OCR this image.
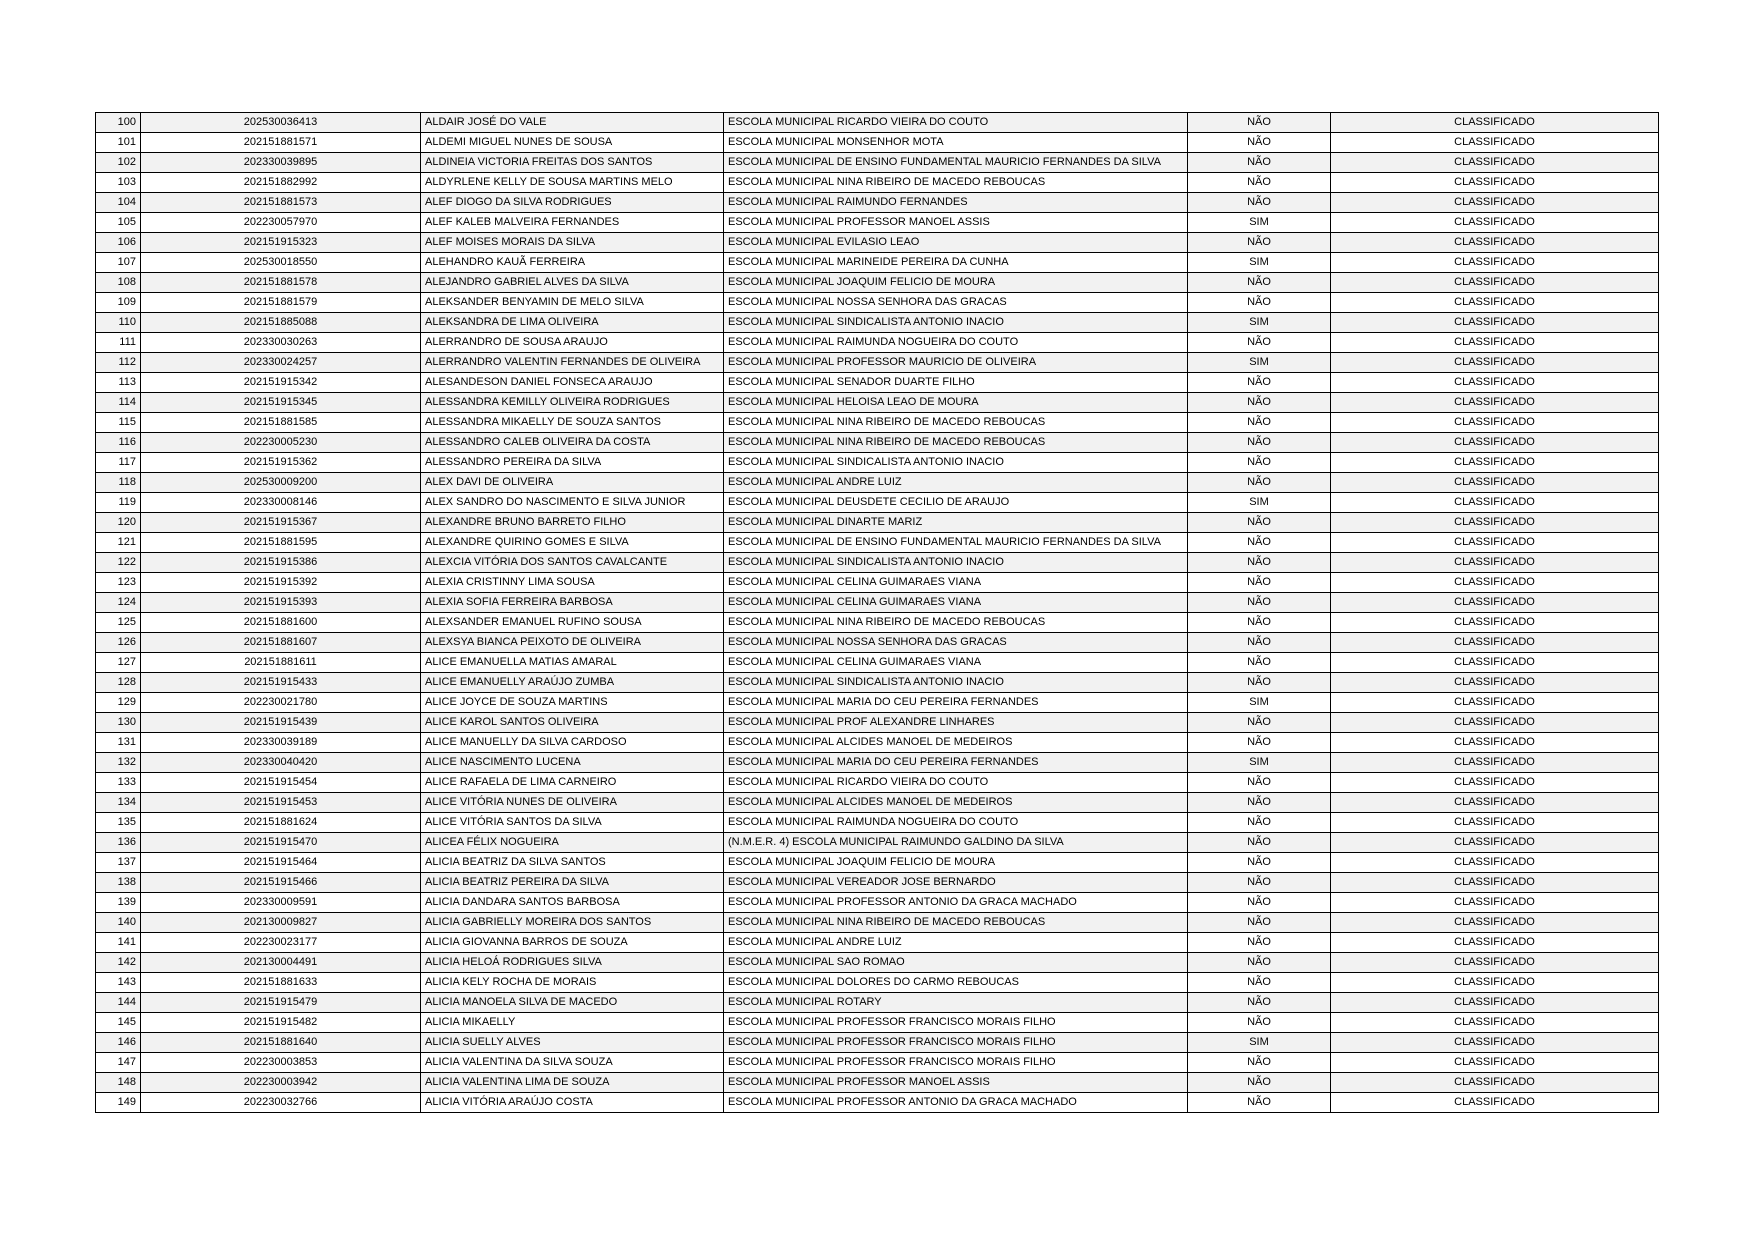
100	202530036413	ALDAIR JOSÉ DO VALE	ESCOLA MUNICIPAL RICARDO VIEIRA DO COUTO	NÃO	CLASSIFICADO
101	202151881571	ALDEMI MIGUEL NUNES DE SOUSA	ESCOLA MUNICIPAL MONSENHOR MOTA	NÃO	CLASSIFICADO
102	202330039895	ALDINEIA VICTORIA FREITAS DOS SANTOS	ESCOLA MUNICIPAL DE ENSINO FUNDAMENTAL MAURICIO FERNANDES DA SILVA	NÃO	CLASSIFICADO
103	202151882992	ALDYRLENE KELLY DE SOUSA MARTINS MELO	ESCOLA MUNICIPAL NINA RIBEIRO DE MACEDO REBOUCAS	NÃO	CLASSIFICADO
104	202151881573	ALEF DIOGO DA SILVA RODRIGUES	ESCOLA MUNICIPAL RAIMUNDO FERNANDES	NÃO	CLASSIFICADO
105	202230057970	ALEF KALEB MALVEIRA FERNANDES	ESCOLA MUNICIPAL PROFESSOR MANOEL ASSIS	SIM	CLASSIFICADO
106	202151915323	ALEF MOISES MORAIS DA SILVA	ESCOLA MUNICIPAL EVILASIO LEAO	NÃO	CLASSIFICADO
107	202530018550	ALEHANDRO KAUÃ FERREIRA	ESCOLA MUNICIPAL MARINEIDE PEREIRA DA CUNHA	SIM	CLASSIFICADO
108	202151881578	ALEJANDRO GABRIEL ALVES DA SILVA	ESCOLA MUNICIPAL JOAQUIM FELICIO DE MOURA	NÃO	CLASSIFICADO
109	202151881579	ALEKSANDER BENYAMIN DE MELO SILVA	ESCOLA MUNICIPAL NOSSA SENHORA DAS GRACAS	NÃO	CLASSIFICADO
110	202151885088	ALEKSANDRA DE LIMA OLIVEIRA	ESCOLA MUNICIPAL SINDICALISTA ANTONIO INACIO	SIM	CLASSIFICADO
111	202330030263	ALERRANDRO DE SOUSA ARAUJO	ESCOLA MUNICIPAL RAIMUNDA NOGUEIRA DO COUTO	NÃO	CLASSIFICADO
112	202330024257	ALERRANDRO VALENTIN FERNANDES DE OLIVEIRA	ESCOLA MUNICIPAL PROFESSOR MAURICIO DE OLIVEIRA	SIM	CLASSIFICADO
113	202151915342	ALESANDESON DANIEL FONSECA ARAUJO	ESCOLA MUNICIPAL SENADOR DUARTE FILHO	NÃO	CLASSIFICADO
114	202151915345	ALESSANDRA KEMILLY OLIVEIRA RODRIGUES	ESCOLA MUNICIPAL HELOISA LEAO DE MOURA	NÃO	CLASSIFICADO
115	202151881585	ALESSANDRA MIKAELLY DE SOUZA SANTOS	ESCOLA MUNICIPAL NINA RIBEIRO DE MACEDO REBOUCAS	NÃO	CLASSIFICADO
116	202230005230	ALESSANDRO CALEB OLIVEIRA DA COSTA	ESCOLA MUNICIPAL NINA RIBEIRO DE MACEDO REBOUCAS	NÃO	CLASSIFICADO
117	202151915362	ALESSANDRO PEREIRA DA SILVA	ESCOLA MUNICIPAL SINDICALISTA ANTONIO INACIO	NÃO	CLASSIFICADO
118	202530009200	ALEX DAVI DE OLIVEIRA	ESCOLA MUNICIPAL ANDRE LUIZ	NÃO	CLASSIFICADO
119	202330008146	ALEX SANDRO DO NASCIMENTO E SILVA JUNIOR	ESCOLA MUNICIPAL DEUSDETE CECILIO DE ARAUJO	SIM	CLASSIFICADO
120	202151915367	ALEXANDRE BRUNO BARRETO FILHO	ESCOLA MUNICIPAL DINARTE MARIZ	NÃO	CLASSIFICADO
121	202151881595	ALEXANDRE QUIRINO GOMES E SILVA	ESCOLA MUNICIPAL DE ENSINO FUNDAMENTAL MAURICIO FERNANDES DA SILVA	NÃO	CLASSIFICADO
122	202151915386	ALEXCIA VITÓRIA DOS SANTOS CAVALCANTE	ESCOLA MUNICIPAL SINDICALISTA ANTONIO INACIO	NÃO	CLASSIFICADO
123	202151915392	ALEXIA CRISTINNY LIMA SOUSA	ESCOLA MUNICIPAL CELINA GUIMARAES VIANA	NÃO	CLASSIFICADO
124	202151915393	ALEXIA SOFIA FERREIRA BARBOSA	ESCOLA MUNICIPAL CELINA GUIMARAES VIANA	NÃO	CLASSIFICADO
125	202151881600	ALEXSANDER EMANUEL RUFINO SOUSA	ESCOLA MUNICIPAL NINA RIBEIRO DE MACEDO REBOUCAS	NÃO	CLASSIFICADO
126	202151881607	ALEXSYA BIANCA PEIXOTO DE OLIVEIRA	ESCOLA MUNICIPAL NOSSA SENHORA DAS GRACAS	NÃO	CLASSIFICADO
127	202151881611	ALICE EMANUELLA MATIAS AMARAL	ESCOLA MUNICIPAL CELINA GUIMARAES VIANA	NÃO	CLASSIFICADO
128	202151915433	ALICE EMANUELLY ARAÚJO ZUMBA	ESCOLA MUNICIPAL SINDICALISTA ANTONIO INACIO	NÃO	CLASSIFICADO
129	202230021780	ALICE JOYCE DE SOUZA MARTINS	ESCOLA MUNICIPAL MARIA DO CEU PEREIRA FERNANDES	SIM	CLASSIFICADO
130	202151915439	ALICE KAROL SANTOS OLIVEIRA	ESCOLA MUNICIPAL PROF ALEXANDRE LINHARES	NÃO	CLASSIFICADO
131	202330039189	ALICE MANUELLY DA SILVA CARDOSO	ESCOLA MUNICIPAL ALCIDES MANOEL DE MEDEIROS	NÃO	CLASSIFICADO
132	202330040420	ALICE NASCIMENTO LUCENA	ESCOLA MUNICIPAL MARIA DO CEU PEREIRA FERNANDES	SIM	CLASSIFICADO
133	202151915454	ALICE RAFAELA DE LIMA CARNEIRO	ESCOLA MUNICIPAL RICARDO VIEIRA DO COUTO	NÃO	CLASSIFICADO
134	202151915453	ALICE VITÓRIA NUNES DE OLIVEIRA	ESCOLA MUNICIPAL ALCIDES MANOEL DE MEDEIROS	NÃO	CLASSIFICADO
135	202151881624	ALICE VITÓRIA SANTOS DA SILVA	ESCOLA MUNICIPAL RAIMUNDA NOGUEIRA DO COUTO	NÃO	CLASSIFICADO
136	202151915470	ALICEA FÉLIX NOGUEIRA	(N.M.E.R. 4) ESCOLA MUNICIPAL RAIMUNDO GALDINO DA SILVA	NÃO	CLASSIFICADO
137	202151915464	ALICIA BEATRIZ DA SILVA SANTOS	ESCOLA MUNICIPAL JOAQUIM FELICIO DE MOURA	NÃO	CLASSIFICADO
138	202151915466	ALICIA BEATRIZ PEREIRA DA SILVA	ESCOLA MUNICIPAL VEREADOR JOSE BERNARDO	NÃO	CLASSIFICADO
139	202330009591	ALICIA DANDARA SANTOS BARBOSA	ESCOLA MUNICIPAL PROFESSOR ANTONIO DA GRACA MACHADO	NÃO	CLASSIFICADO
140	202130009827	ALICIA GABRIELLY MOREIRA DOS SANTOS	ESCOLA MUNICIPAL NINA RIBEIRO DE MACEDO REBOUCAS	NÃO	CLASSIFICADO
141	202230023177	ALICIA GIOVANNA BARROS DE SOUZA	ESCOLA MUNICIPAL ANDRE LUIZ	NÃO	CLASSIFICADO
142	202130004491	ALICIA HELOÁ RODRIGUES SILVA	ESCOLA MUNICIPAL SAO ROMAO	NÃO	CLASSIFICADO
143	202151881633	ALICIA KELY ROCHA DE MORAIS	ESCOLA MUNICIPAL DOLORES DO CARMO REBOUCAS	NÃO	CLASSIFICADO
144	202151915479	ALICIA MANOELA SILVA DE MACEDO	ESCOLA MUNICIPAL ROTARY	NÃO	CLASSIFICADO
145	202151915482	ALICIA MIKAELLY	ESCOLA MUNICIPAL PROFESSOR FRANCISCO MORAIS FILHO	NÃO	CLASSIFICADO
146	202151881640	ALICIA SUELLY ALVES	ESCOLA MUNICIPAL PROFESSOR FRANCISCO MORAIS FILHO	SIM	CLASSIFICADO
147	202230003853	ALICIA VALENTINA DA SILVA SOUZA	ESCOLA MUNICIPAL PROFESSOR FRANCISCO MORAIS FILHO	NÃO	CLASSIFICADO
148	202230003942	ALICIA VALENTINA LIMA DE SOUZA	ESCOLA MUNICIPAL PROFESSOR MANOEL ASSIS	NÃO	CLASSIFICADO
149	202230032766	ALICIA VITÓRIA ARAÚJO COSTA	ESCOLA MUNICIPAL PROFESSOR ANTONIO DA GRACA MACHADO	NÃO	CLASSIFICADO
